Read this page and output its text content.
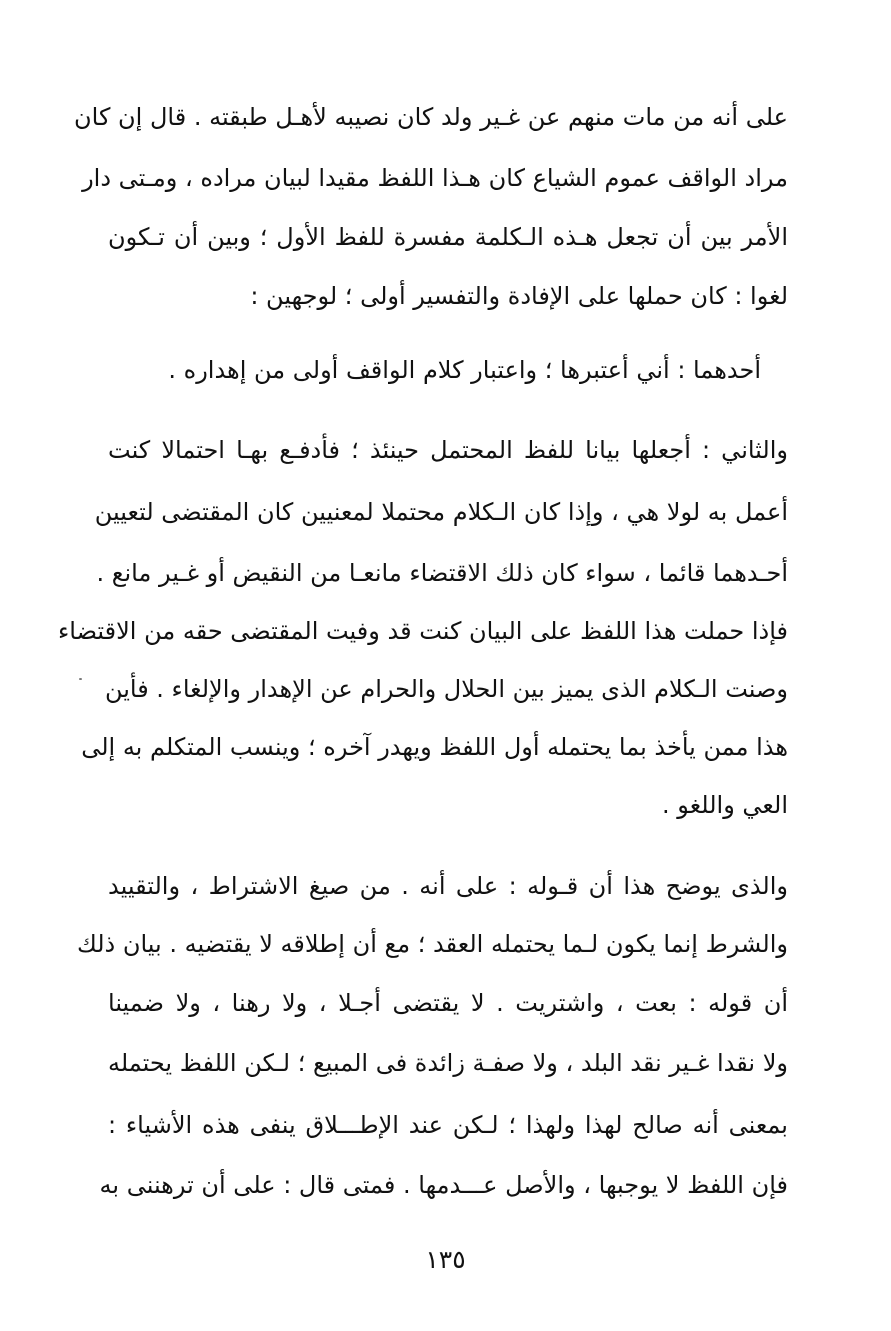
على أنه من مات منهم عن غـير ولد كان نصيبه لأهـل طبقته . قال إن كان
مراد الواقف عموم الشياع كان هـذا اللفظ مقيدا لبيان مراده ، ومـتى دار
الأمر بين أن تجعل هـذه الـكلمة مفسرة للفظ الأول ؛ وبين أن تـكون
لغوا : كان حملها على الإفادة والتفسير أولى ؛ لوجهين :
أحدهما : أني أعتبرها ؛ واعتبار كلام الواقف أولى من إهداره .
والثاني : أجعلها بيانا للفظ المحتمل حينئذ ؛ فأدفـع بهـا احتمالا كنت
أعمل به لولا هي ، وإذا كان الـكلام محتملا لمعنيين كان المقتضى لتعيين
أحـدهما قائما ، سواء كان ذلك الاقتضاء مانعـا من النقيض أو غـير مانع .
فإذا حملت هذا اللفظ على البيان كنت قد وفيت المقتضى حقه من الاقتضاء
وصنت الـكلام الذى يميز بين الحلال والحرام عن الإهدار والإلغاء . فأين
هذا ممن يأخذ بما يحتمله أول اللفظ ويهدر آخره ؛ وينسب المتكلم به إلى
العي واللغو .
والذى يوضح هذا أن قـوله : على أنه . من صيغ الاشتراط ، والتقييد
والشرط إنما يكون لـما يحتمله العقد ؛ مع أن إطلاقه لا يقتضيه . بيان ذلك
أن قوله : بعت ، واشتريت . لا يقتضى أجـلا ، ولا رهنا ، ولا ضمينا
ولا نقدا غـير نقد البلد ، ولا صفـة زائدة فى المبيع ؛ لـكن اللفظ يحتمله
بمعنى أنه صالح لهذا ولهذا ؛ لـكن عند الإطـــلاق ينفى هذه الأشياء :
فإن اللفظ لا يوجبها ، والأصل عـــدمها . فمتى قال : على أن ترهننى به
١٣٥
